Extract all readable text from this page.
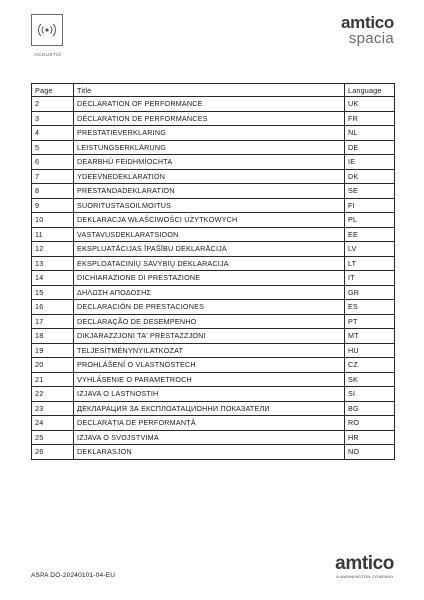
ACOUSTIC
amtico
spacia
Page	Title	Language
2	DECLARATION OF PERFORMANCE	UK
3	DÉCLARATION DE PERFORMANCES	FR
4	PRESTATIEVERKLARING	NL
5	LEISTUNGSERKLÄRUNG	DE
6	DEARBHÚ FEIDHMÍOCHTA	IE
7	YDEEVNEDEKLARATION	DK
8	PRESTANDADEKLARATION	SE
9	SUORITUSTASOILMOITUS	FI
10	DEKLARACJA WŁAŚCIWOŚCI UŻYTKOWYCH	PL
11	VASTAVUSDEKLARATSIOON	EE
12	EKSPLUATĀCIJAS ĪPAŠĪBU DEKLARĀCIJA	LV
13	EKSPLOATACINIŲ SAVYBIŲ DEKLARACIJA	LT
14	DICHIARAZIONE DI PRESTAZIONE	IT
15	ΔΗΛΩΣΗ ΑΠΟΔΟΣΗΣ	GR
16	DECLARACIÓN DE PRESTACIONES	ES
17	DECLARAÇÃO DE DESEMPENHO	PT
18	DIKJARAZZJONI TA' PRESTAZZJONI	MT
19	TELJESÍTMÉNYNYILATKOZAT	HU
20	PROHLÁŠENÍ O VLASTNOSTECH	CZ
21	VYHLÁSENIE O PARAMETROCH	SK
22	IZJAVA O LASTNOSTIH	SI
23	ДЕКЛАРАЦИЯ ЗА ЕКСПЛОАТАЦИОННИ ПОКАЗАТЕЛИ	BG
24	DECLARAȚIA DE PERFORMANȚĂ	RO
25	IZJAVA O SVOJSTVIMA	HR
26	DEKLARASJON	NO
ASPA DO-20240101-04-EU
amtico
A MANNINGTON COMPANY
